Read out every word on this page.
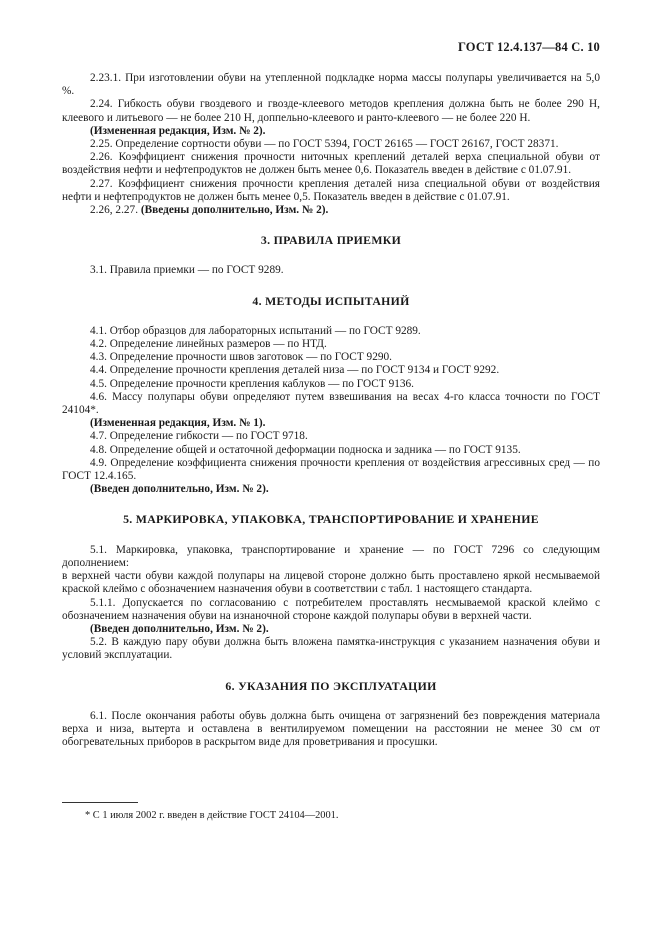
ГОСТ 12.4.137—84 С. 10

2.23.1. При изготовлении обуви на утепленной подкладке норма массы полупары увеличивается на 5,0 %.

2.24. Гибкость обуви гвоздевого и гвозде-клеевого методов крепления должна быть не более 290 Н, клеевого и литьевого — не более 210 Н, доппельно-клеевого и ранто-клеевого — не более 220 Н.

(Измененная редакция, Изм. № 2).

2.25. Определение сортности обуви — по ГОСТ 5394, ГОСТ 26165 — ГОСТ 26167, ГОСТ 28371.

2.26. Коэффициент снижения прочности ниточных креплений деталей верха специальной обуви от воздействия нефти и нефтепродуктов не должен быть менее 0,6. Показатель введен в действие с 01.07.91.

2.27. Коэффициент снижения прочности крепления деталей низа специальной обуви от воздействия нефти и нефтепродуктов не должен быть менее 0,5. Показатель введен в действие с 01.07.91.

2.26, 2.27. (Введены дополнительно, Изм. № 2).

3. ПРАВИЛА ПРИЕМКИ

3.1. Правила приемки — по ГОСТ 9289.

4. МЕТОДЫ ИСПЫТАНИЙ

4.1. Отбор образцов для лабораторных испытаний — по ГОСТ 9289.

4.2. Определение линейных размеров — по НТД.

4.3. Определение прочности швов заготовок — по ГОСТ 9290.

4.4. Определение прочности крепления деталей низа — по ГОСТ 9134 и ГОСТ 9292.

4.5. Определение прочности крепления каблуков — по ГОСТ 9136.

4.6. Массу полупары обуви определяют путем взвешивания на весах 4-го класса точности по ГОСТ 24104*.

(Измененная редакция, Изм. № 1).

4.7. Определение гибкости — по ГОСТ 9718.

4.8. Определение общей и остаточной деформации подноска и задника — по ГОСТ 9135.

4.9. Определение коэффициента снижения прочности крепления от воздействия агрессивных сред — по ГОСТ 12.4.165.

(Введен дополнительно, Изм. № 2).

5. МАРКИРОВКА, УПАКОВКА, ТРАНСПОРТИРОВАНИЕ И ХРАНЕНИЕ

5.1. Маркировка, упаковка, транспортирование и хранение — по ГОСТ 7296 со следующим дополнением:

в верхней части обуви каждой полупары на лицевой стороне должно быть проставлено яркой несмываемой краской клеймо с обозначением назначения обуви в соответствии с табл. 1 настоящего стандарта.

5.1.1. Допускается по согласованию с потребителем проставлять несмываемой краской клеймо с обозначением назначения обуви на изнаночной стороне каждой полупары обуви в верхней части.

(Введен дополнительно, Изм. № 2).

5.2. В каждую пару обуви должна быть вложена памятка-инструкция с указанием назначения обуви и условий эксплуатации.

6. УКАЗАНИЯ ПО ЭКСПЛУАТАЦИИ

6.1. После окончания работы обувь должна быть очищена от загрязнений без повреждения материала верха и низа, вытерта и оставлена в вентилируемом помещении на расстоянии не менее 30 см от обогревательных приборов в раскрытом виде для проветривания и просушки.

* С 1 июля 2002 г. введен в действие ГОСТ 24104—2001.
